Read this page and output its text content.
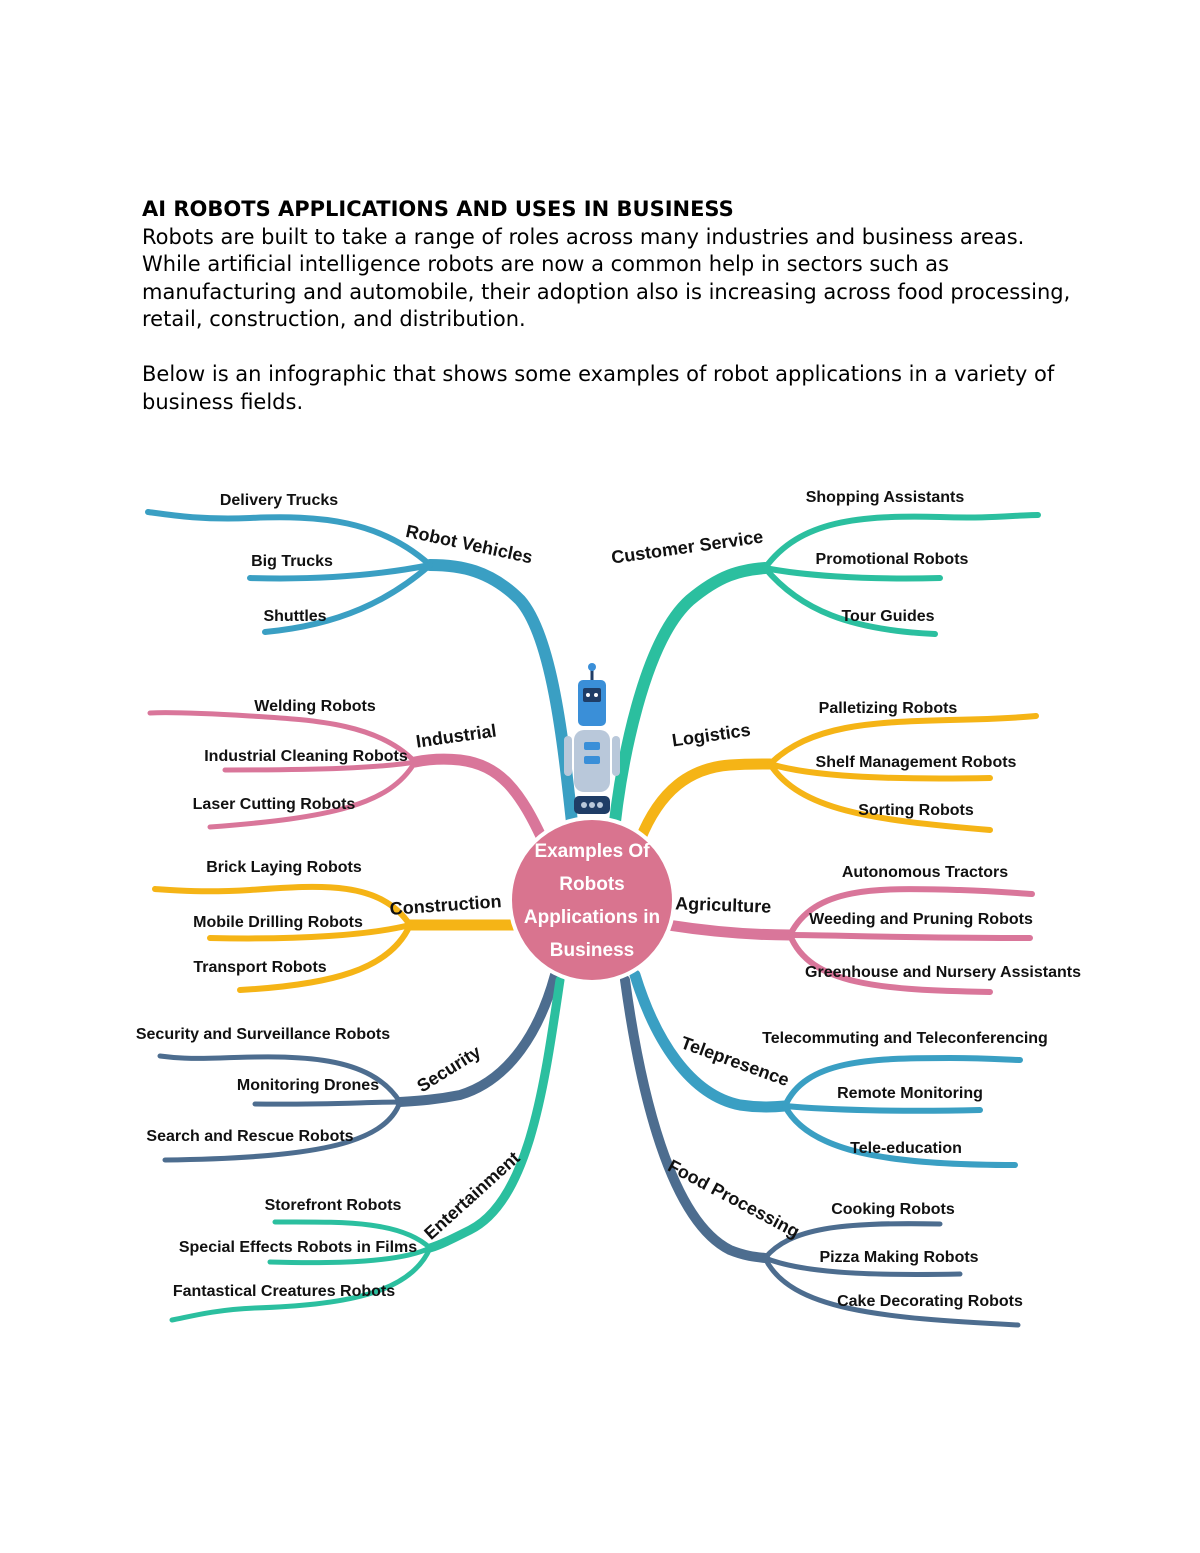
AI ROBOTS APPLICATIONS AND USES IN BUSINESS

Robots are built to take a range of roles across many industries and business areas.

While artificial intelligence robots are now a common help in sectors such as manufacturing and automobile, their adoption also is increasing across food processing, retail, construction, and distribution.

Below is an infographic that shows some examples of robot applications in a variety of business fields.

Examples Of
Robots
Applications in
Business
Robot Vehicles
Industrial
Construction
Security
Entertainment
Customer Service
Logistics
Agriculture
Telepresence
Food Processing
Delivery Trucks
Big Trucks
Shuttles
Welding Robots
Industrial Cleaning Robots
Laser Cutting Robots
Brick Laying Robots
Mobile Drilling Robots
Transport Robots
Security and Surveillance Robots
Monitoring Drones
Search and Rescue Robots
Storefront Robots
Special Effects Robots in Films
Fantastical Creatures Robots
Shopping Assistants
Promotional Robots
Tour Guides
Palletizing Robots
Shelf Management Robots
Sorting Robots
Autonomous Tractors
Weeding and Pruning Robots
Greenhouse and Nursery Assistants
Telecommuting and Teleconferencing
Remote Monitoring
Tele-education
Cooking Robots
Pizza Making Robots
Cake Decorating Robots
